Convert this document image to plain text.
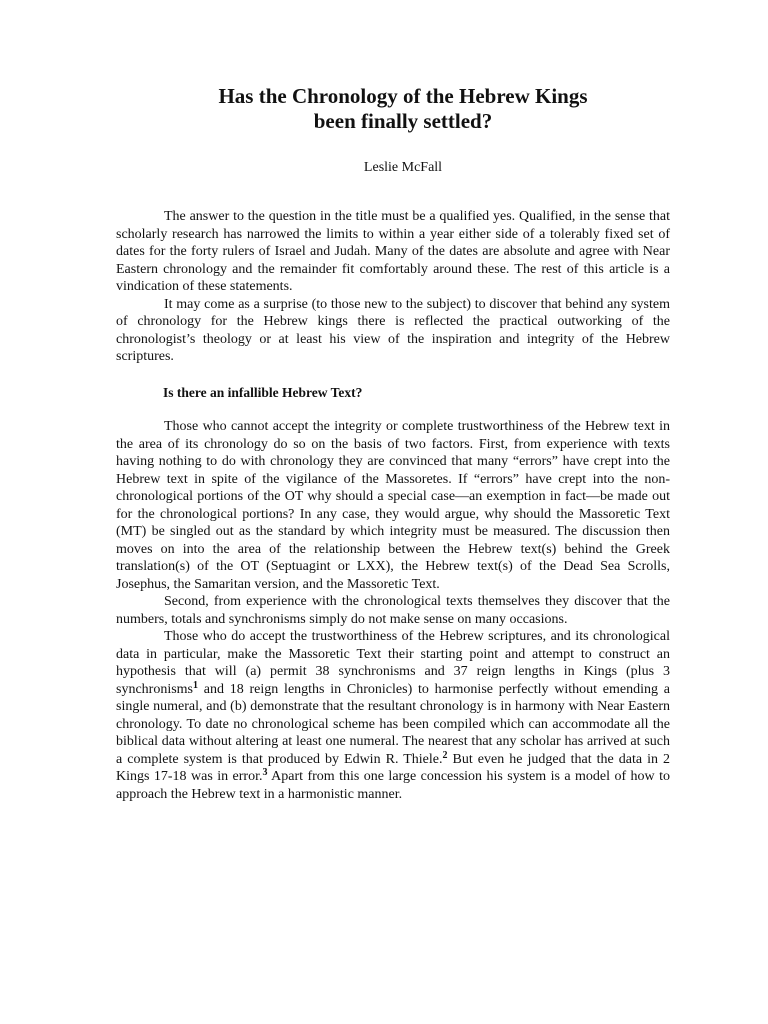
Has the Chronology of the Hebrew Kings
been finally settled?
Leslie McFall

The answer to the question in the title must be a qualified yes. Qualified, in the sense that scholarly research has narrowed the limits to within a year either side of a tolerably fixed set of dates for the forty rulers of Israel and Judah. Many of the dates are absolute and agree with Near Eastern chronology and the remainder fit comfortably around these. The rest of this article is a vindication of these statements.

It may come as a surprise (to those new to the subject) to discover that behind any system of chronology for the Hebrew kings there is reflected the practical outworking of the chronologist’s theology or at least his view of the inspiration and integrity of the Hebrew scriptures.

Is there an infallible Hebrew Text?

Those who cannot accept the integrity or complete trustworthiness of the Hebrew text in the area of its chronology do so on the basis of two factors. First, from experience with texts having nothing to do with chronology they are convinced that many “errors” have crept into the Hebrew text in spite of the vigilance of the Massoretes. If “errors” have crept into the non-chronological portions of the OT why should a special case—an exemption in fact—be made out for the chronological portions? In any case, they would argue, why should the Massoretic Text (MT) be singled out as the standard by which integrity must be measured. The discussion then moves on into the area of the relationship between the Hebrew text(s) behind the Greek translation(s) of the OT (Septuagint or LXX), the Hebrew text(s) of the Dead Sea Scrolls, Josephus, the Samaritan version, and the Massoretic Text.

Second, from experience with the chronological texts themselves they discover that the numbers, totals and synchronisms simply do not make sense on many occasions.

Those who do accept the trustworthiness of the Hebrew scriptures, and its chronological data in particular, make the Massoretic Text their starting point and attempt to construct an hypothesis that will (a) permit 38 synchronisms and 37 reign lengths in Kings (plus 3 synchronisms$^1$ and 18 reign lengths in Chronicles) to harmonise perfectly without emending a single numeral, and (b) demonstrate that the resultant chronology is in harmony with Near Eastern chronology. To date no chronological scheme has been compiled which can accommodate all the biblical data without altering at least one numeral. The nearest that any scholar has arrived at such a complete system is that produced by Edwin R. Thiele.$^2$ But even he judged that the data in 2 Kings 17-18 was in error.$^3$ Apart from this one large concession his system is a model of how to approach the Hebrew text in a harmonistic manner.
